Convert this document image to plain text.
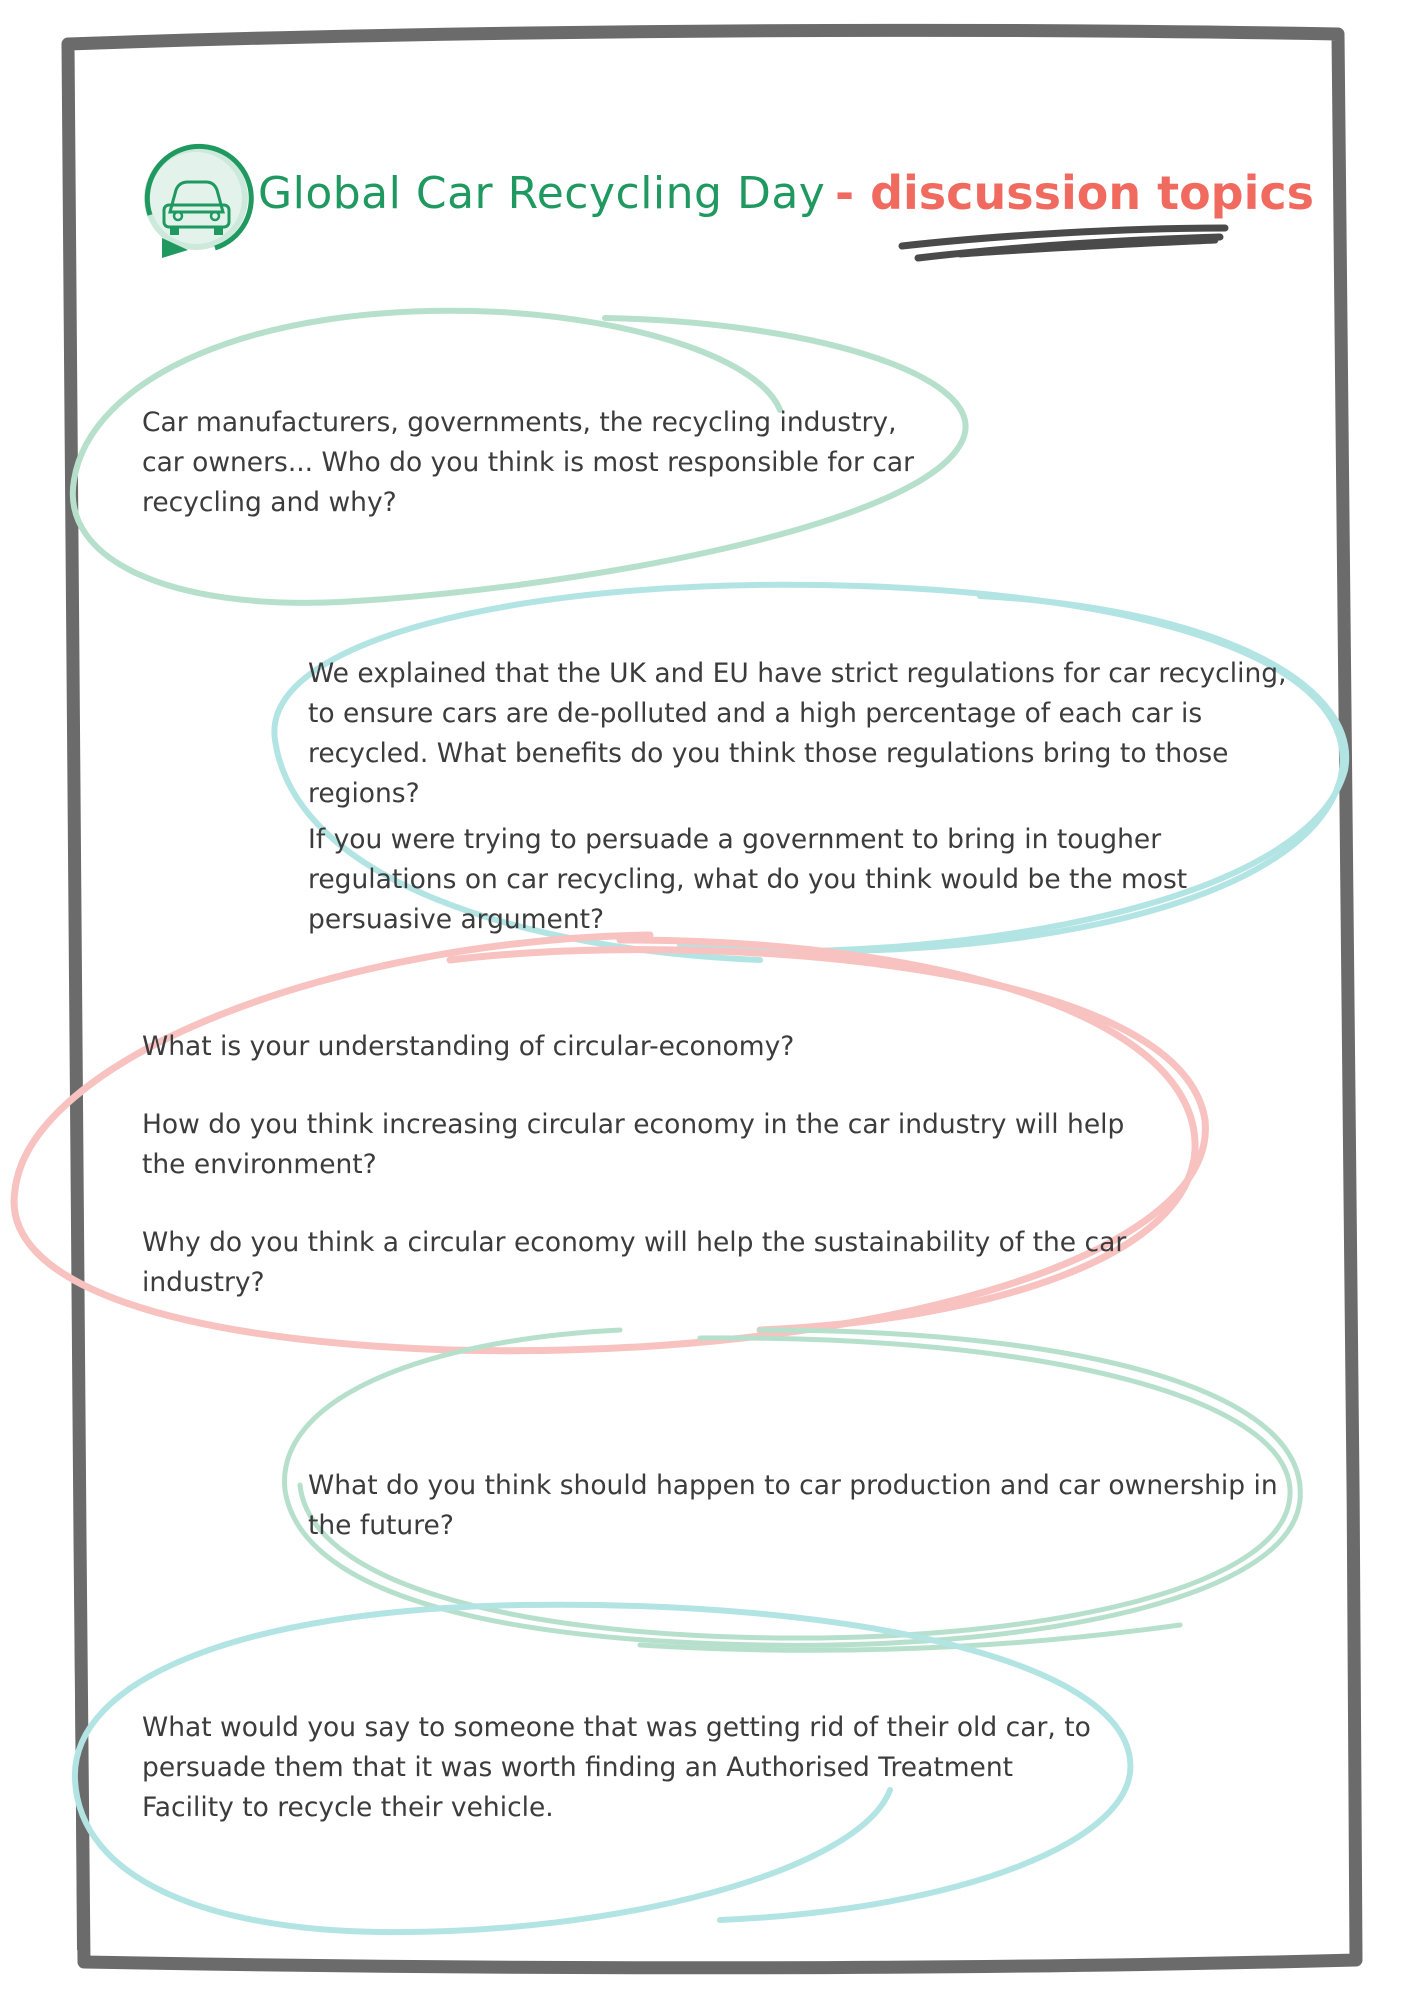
Global Car Recycling Day - discussion topics

Car manufacturers, governments, the recycling industry, car owners... Who do you think is most responsible for car recycling and why?

We explained that the UK and EU have strict regulations for car recycling, to ensure cars are de-polluted and a high percentage of each car is recycled. What benefits do you think those regulations bring to those regions?

If you were trying to persuade a government to bring in tougher regulations on car recycling, what do you think would be the most persuasive argument?

What is your understanding of circular-economy?

How do you think increasing circular economy in the car industry will help the environment?

Why do you think a circular economy will help the sustainability of the car industry?

What do you think should happen to car production and car ownership in the future?

What would you say to someone that was getting rid of their old car, to persuade them that it was worth finding an Authorised Treatment Facility to recycle their vehicle.
